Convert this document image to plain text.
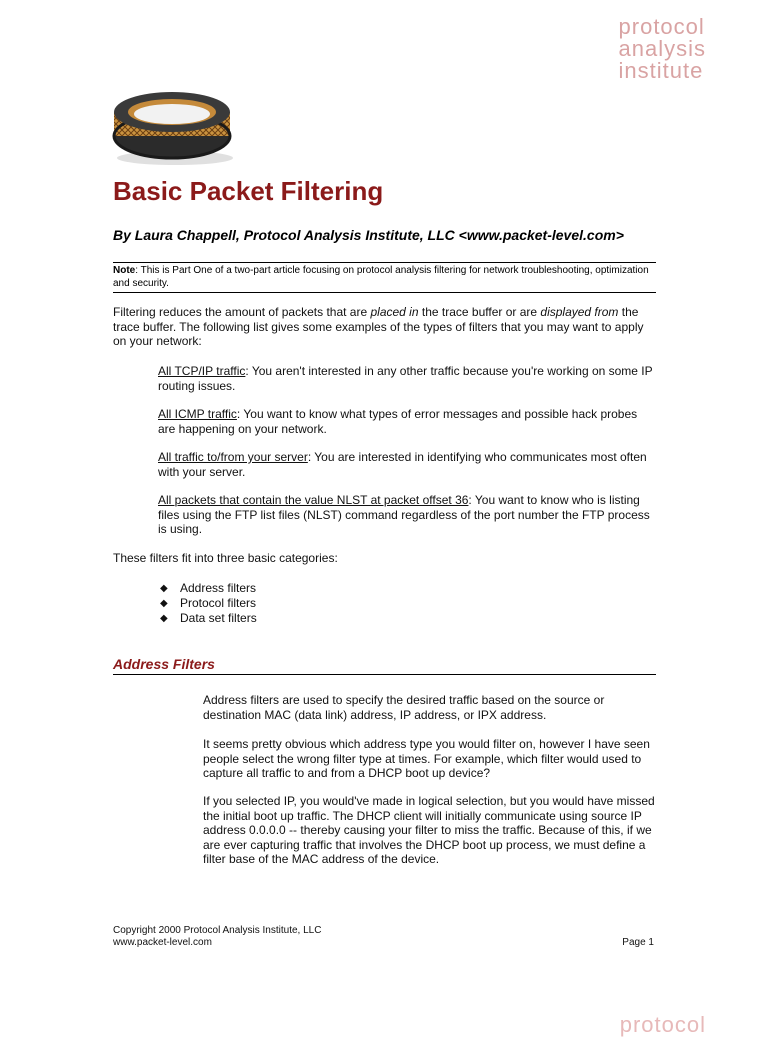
protocol
analysis
institute
Basic Packet Filtering
By Laura Chappell, Protocol Analysis Institute, LLC <www.packet-level.com>
Note: This is Part One of a two-part article focusing on protocol analysis filtering for network troubleshooting, optimization and security.
Filtering reduces the amount of packets that are placed in the trace buffer or are displayed from the trace buffer. The following list gives some examples of the types of filters that you may want to apply on your network:
All TCP/IP traffic: You aren't interested in any other traffic because you're working on some IP routing issues.
All ICMP traffic: You want to know what types of error messages and possible hack probes are happening on your network.
All traffic to/from your server: You are interested in identifying who communicates most often with your server.
All packets that contain the value NLST at packet offset 36: You want to know who is listing files using the FTP list files (NLST) command regardless of the port number the FTP process is using.
These filters fit into three basic categories:
◆	Address filters
◆	Protocol filters
◆	Data set filters
Address Filters
Address filters are used to specify the desired traffic based on the source or destination MAC (data link) address, IP address, or IPX address.
It seems pretty obvious which address type you would filter on, however I have seen people select the wrong filter type at times. For example, which filter would used to capture all traffic to and from a DHCP boot up device?
If you selected IP, you would've made in logical selection, but you would have missed the initial boot up traffic. The DHCP client will initially communicate using source IP address 0.0.0.0 -- thereby causing your filter to miss the traffic. Because of this, if we are ever capturing traffic that involves the DHCP boot up process, we must define a filter base of the MAC address of the device.
Copyright 2000 Protocol Analysis Institute, LLC
www.packet-level.com	Page 1
protocol
